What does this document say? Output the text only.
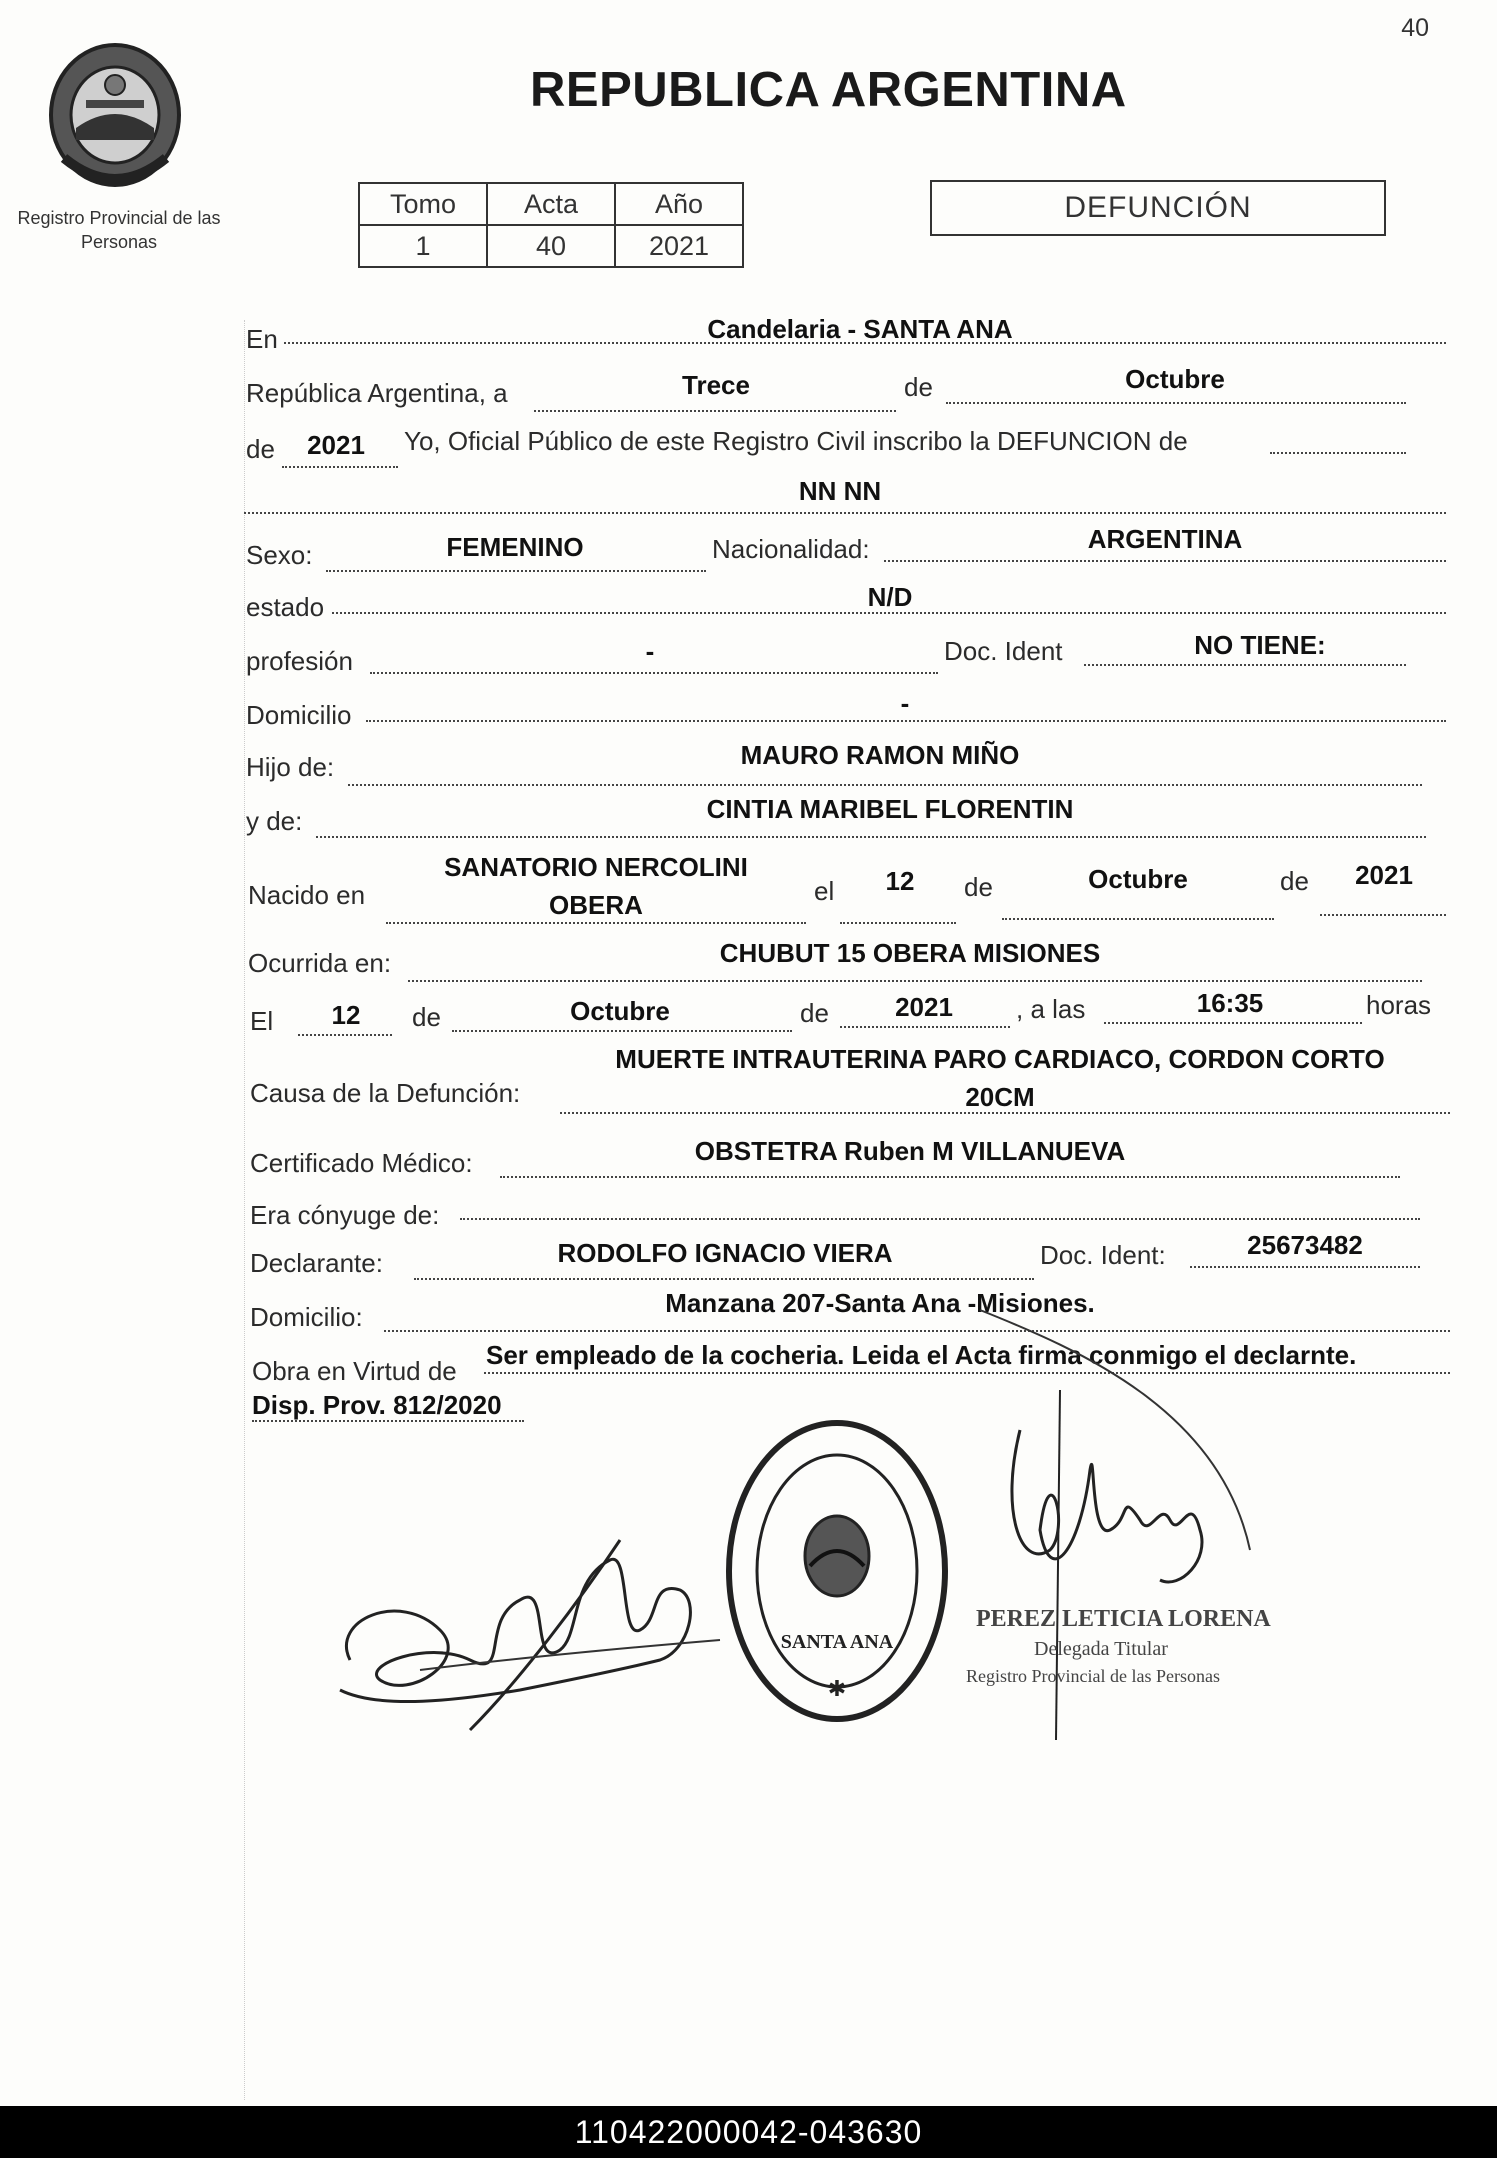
40
Registro Provincial de las Personas
REPUBLICA ARGENTINA
Tomo	Acta	Año
1	40	2021
DEFUNCIÓN
En	Candelaria - SANTA ANA
República Argentina, a	Trece	de	Octubre
de	2021	Yo, Oficial Público de este Registro Civil inscribo la DEFUNCION de
NN NN
Sexo:	FEMENINO	Nacionalidad:	ARGENTINA
estado	N/D
profesión	-	Doc. Ident	NO TIENE:
Domicilio	-
Hijo de:	MAURO RAMON MIÑO
y de:	CINTIA MARIBEL FLORENTIN
Nacido en
SANATORIO NERCOLINI
OBERA	el	12	de	Octubre	de	2021
Ocurrida en:	CHUBUT 15 OBERA MISIONES
El	12	de	Octubre	de	2021	, a las	16:35	horas
Causa de la Defunción:
MUERTE INTRAUTERINA PARO CARDIACO, CORDON CORTO
20CM
Certificado Médico:	OBSTETRA Ruben M VILLANUEVA
Era cónyuge de:
Declarante:	RODOLFO IGNACIO VIERA	Doc. Ident:	25673482
Domicilio:	Manzana 207-Santa Ana -Misiones.
Obra en Virtud de
Ser empleado de la cocheria. Leida el Acta firma conmigo el declarnte.
Disp. Prov. 812/2020
SANTA ANA
✱
PEREZ LETICIA LORENA
Delegada Titular
Registro Provincial de las Personas
110422000042-043630
